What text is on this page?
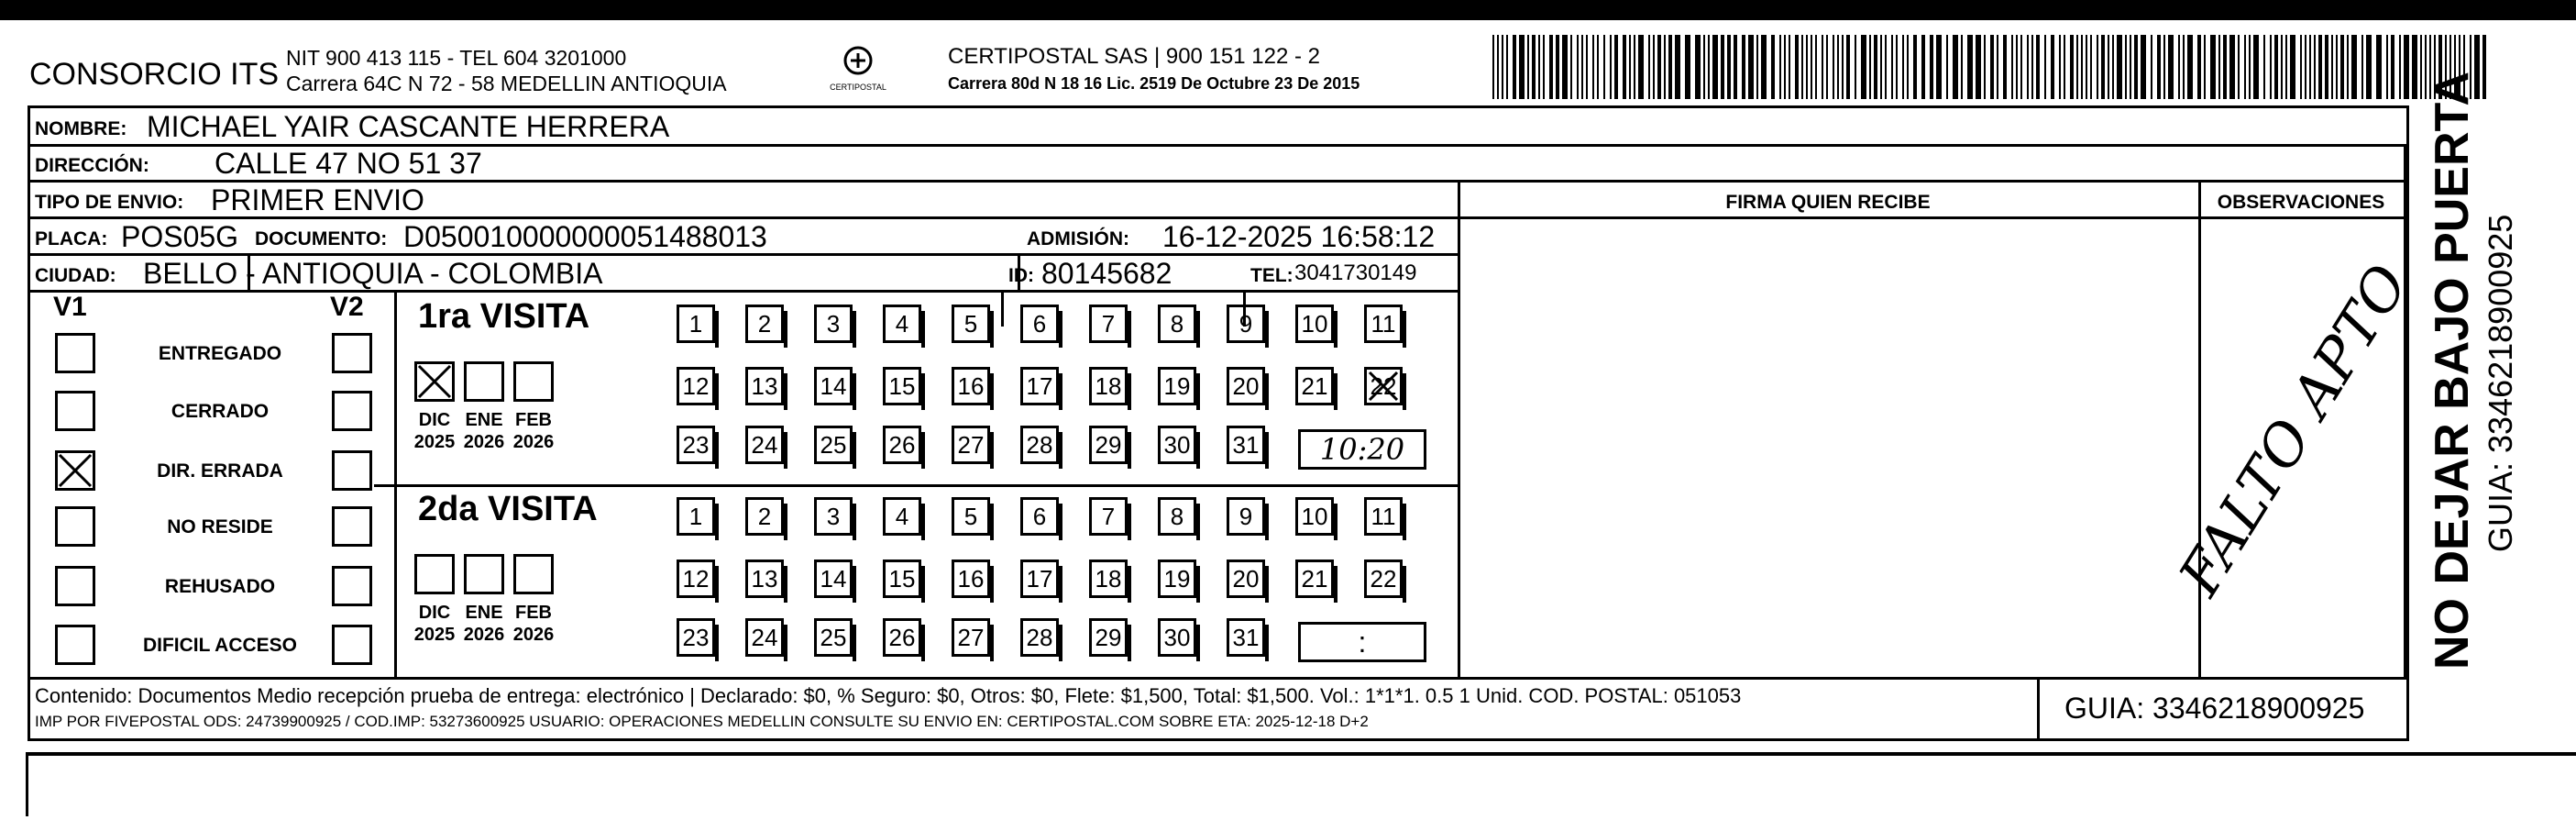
CONSORCIO ITS NIT 900 413 115 - TEL 604 3201000
Carrera 64C N 72 - 58 MEDELLIN ANTIOQUIA	CERTIPOSTAL
CERTIPOSTAL SAS | 900 151 122 - 2
Carrera 80d N 18 16 Lic. 2519 De Octubre 23 De 2015
NOMBRE: MICHAEL YAIR CASCANTE HERRERA
DIRECCIÓN: CALLE 47 NO 51 37
TIPO DE ENVIO: PRIMER ENVIO
PLACA: POS05G DOCUMENTO: D050010000000051488013	ADMISIÓN: 16-12-2025 16:58:12
CIUDAD: BELLO - ANTIOQUIA - COLOMBIA	ID: 80145682	TEL: 3041730149
FIRMA QUIEN RECIBE	OBSERVACIONES
V1	V2
ENTREGADO
CERRADO
DIR. ERRADA
NO RESIDE
REHUSADO
DIFICIL ACCESO
1ra VISITA
DIC
2025
ENE
2026
FEB
2026
1	2	3	4	5	6	7	8	9	10 11
12 13 14 15 16 17 18 19 20 21 22
23 24 25 26 27 28 29 30 31	10:20
2da VISITA
DIC
2025
ENE
2026
FEB
2026
1	2	3	4	5	6	7	8	9	10 11
12 13 14 15 16 17 18 19 20 21 22
23 24 25 26 27 28 29 30 31	:
FALTO APTO NO DEJAR BAJO PUERTA GUIA: 3346218900925
Contenido: Documentos Medio recepción prueba de entrega: electrónico | Declarado: $0, % Seguro: $0, Otros: $0, Flete: $1,500, Total: $1,500. Vol.: 1*1*1. 0.5 1 Unid. COD. POSTAL: 051053
IMP POR FIVEPOSTAL ODS: 24739900925 / COD.IMP: 53273600925 USUARIO: OPERACIONES MEDELLIN CONSULTE SU ENVIO EN: CERTIPOSTAL.COM SOBRE ETA: 2025-12-18 D+2	GUIA: 3346218900925
